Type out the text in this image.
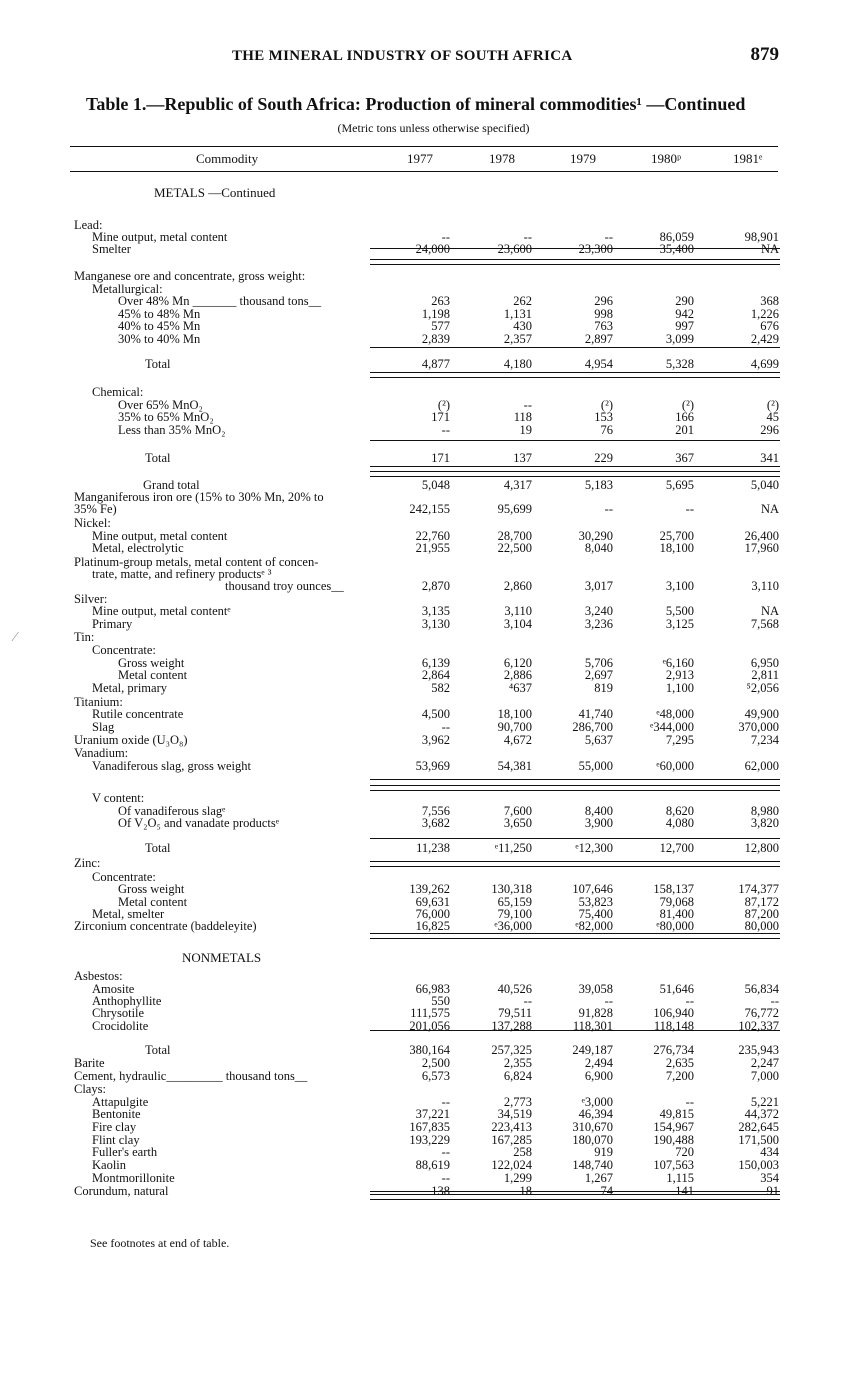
THE MINERAL INDUSTRY OF SOUTH AFRICA	879
Table 1.—Republic of South Africa: Production of mineral commodities¹ —Continued
(Metric tons unless otherwise specified)
Commodity	1977	1978	1979	1980ᵖ	1981ᵉ
METALS —Continued
Lead:
Mine output, metal content	--	--	--	86,059	98,901
Smelter	24,000	23,600	23,300	35,400	NA
Manganese ore and concentrate, gross weight:
Metallurgical:
Over 48% Mn _______ thousand tons__	263	262	296	290	368
45% to 48% Mn	1,198	1,131	998	942	1,226
40% to 45% Mn	577	430	763	997	676
30% to 40% Mn	2,839	2,357	2,897	3,099	2,429
Total	4,877	4,180	4,954	5,328	4,699
Chemical:
Over 65% MnO₂	(²)	--	(²)	(²)	(²)
35% to 65% MnO₂	171	118	153	166	45
Less than 35% MnO₂	--	19	76	201	296
Total	171	137	229	367	341
Grand total	5,048	4,317	5,183	5,695	5,040
Manganiferous iron ore (15% to 30% Mn, 20% to
35% Fe)	242,155	95,699	--	--	NA
Nickel:
Mine output, metal content	22,760	28,700	30,290	25,700	26,400
Metal, electrolytic	21,955	22,500	8,040	18,100	17,960
Platinum-group metals, metal content of concen-
trate, matte, and refinery productsᵉ ³
thousand troy ounces__	2,870	2,860	3,017	3,100	3,110
Silver:
Mine output, metal contentᵉ	3,135	3,110	3,240	5,500	NA
Primary	3,130	3,104	3,236	3,125	7,568
Tin:
Concentrate:
Gross weight	6,139	6,120	5,706	ᵉ6,160	6,950
Metal content	2,864	2,886	2,697	2,913	2,811
Metal, primary	582	⁴637	819	1,100	⁵2,056
Titanium:
Rutile concentrate	4,500	18,100	41,740	ᵉ48,000	49,900
Slag	--	90,700	286,700	ᵉ344,000	370,000
Uranium oxide (U₃O₈)	3,962	4,672	5,637	7,295	7,234
Vanadium:
Vanadiferous slag, gross weight	53,969	54,381	55,000	ᵉ60,000	62,000
V content:
Of vanadiferous slagᵉ	7,556	7,600	8,400	8,620	8,980
Of V₂O₅ and vanadate productsᵉ	3,682	3,650	3,900	4,080	3,820
Total	11,238	ᵉ11,250	ᵉ12,300	12,700	12,800
Zinc:
Concentrate:
Gross weight	139,262	130,318	107,646	158,137	174,377
Metal content	69,631	65,159	53,823	79,068	87,172
Metal, smelter	76,000	79,100	75,400	81,400	87,200
Zirconium concentrate (baddeleyite)	16,825	ᵉ36,000	ᵉ82,000	ᵉ80,000	80,000
NONMETALS
Asbestos:
Amosite	66,983	40,526	39,058	51,646	56,834
Anthophyllite	550	--	--	--	--
Chrysotile	111,575	79,511	91,828	106,940	76,772
Crocidolite	201,056	137,288	118,301	118,148	102,337
Total	380,164	257,325	249,187	276,734	235,943
Barite	2,500	2,355	2,494	2,635	2,247
Cement, hydraulic_________ thousand tons__	6,573	6,824	6,900	7,200	7,000
Clays:
Attapulgite	--	2,773	ᵉ3,000	--	5,221
Bentonite	37,221	34,519	46,394	49,815	44,372
Fire clay	167,835	223,413	310,670	154,967	282,645
Flint clay	193,229	167,285	180,070	190,488	171,500
Fuller's earth	--	258	919	720	434
Kaolin	88,619	122,024	148,740	107,563	150,003
Montmorillonite	--	1,299	1,267	1,115	354
Corundum, natural	138	18	74	141	91
See footnotes at end of table.
⁄
